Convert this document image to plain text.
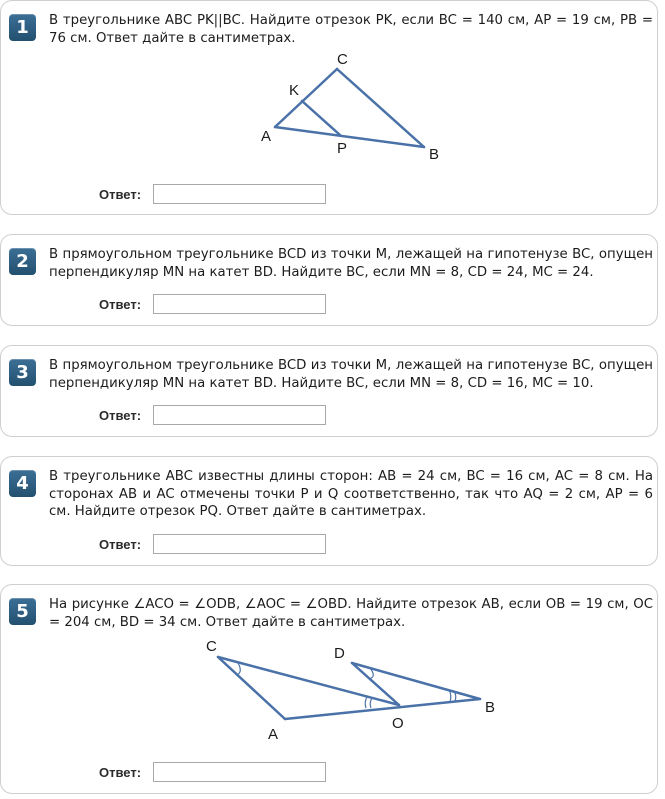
1	В треугольнике ABC PK||BC. Найдите отрезок PK, если BC = 140 см, AP = 19 см, PB = 76 см. Ответ дайте в сантиметрах.

C
K
A
P	B
Ответ:
2	В прямоугольном треугольнике BCD из точки M, лежащей на гипотенузе BC, опущен перпендикуляр MN на катет BD. Найдите BC, если MN = 8, CD = 24, MC = 24.

Ответ:
3	В прямоугольном треугольнике BCD из точки M, лежащей на гипотенузе BC, опущен перпендикуляр MN на катет BD. Найдите BC, если MN = 8, CD = 16, MC = 10.

Ответ:
4	В треугольнике ABC известны длины сторон: AB = 24 см, BC = 16 см, AC = 8 см. На сторонах AB и AC отмечены точки P и Q соответственно, так что AQ = 2 см, AP = 6 см. Найдите отрезок PQ. Ответ дайте в сантиметрах.

Ответ:
5	На рисунке ∠ACO = ∠ODB, ∠AOC = ∠OBD. Найдите отрезок AB, если OB = 19 см, OC = 204 см, BD = 34 см. Ответ дайте в сантиметрах.

C	D
A
O
B
Ответ:
